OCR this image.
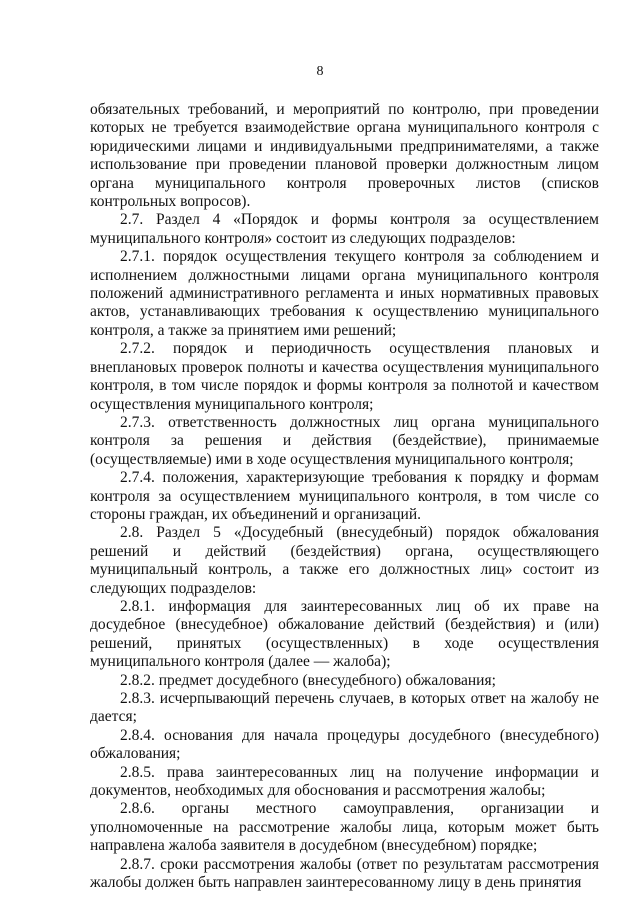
8

обязательных требований, и мероприятий по контролю, при проведении которых не требуется взаимодействие органа муниципального контроля с юридическими лицами и индивидуальными предпринимателями, а также использование при проведении плановой проверки должностным лицом органа муниципального контроля проверочных листов (списков контрольных вопросов).

2.7. Раздел 4 «Порядок и формы контроля за осуществлением муниципального контроля» состоит из следующих подразделов:

2.7.1. порядок осуществления текущего контроля за соблюдением и исполнением должностными лицами органа муниципального контроля положений административного регламента и иных нормативных правовых актов, устанавливающих требования к осуществлению муниципального контроля, а также за принятием ими решений;

2.7.2. порядок и периодичность осуществления плановых и внеплановых проверок полноты и качества осуществления муниципального контроля, в том числе порядок и формы контроля за полнотой и качеством осуществления муниципального контроля;

2.7.3. ответственность должностных лиц органа муниципального контроля за решения и действия (бездействие), принимаемые (осуществляемые) ими в ходе осуществления муниципального контроля;

2.7.4. положения, характеризующие требования к порядку и формам контроля за осуществлением муниципального контроля, в том числе со стороны граждан, их объединений и организаций.

2.8. Раздел 5 «Досудебный (внесудебный) порядок обжалования решений и действий (бездействия) органа, осуществляющего муниципальный контроль, а также его должностных лиц» состоит из следующих подразделов:

2.8.1. информация для заинтересованных лиц об их праве на досудебное (внесудебное) обжалование действий (бездействия) и (или) решений, принятых (осуществленных) в ходе осуществления муниципального контроля (далее — жалоба);

2.8.2. предмет досудебного (внесудебного) обжалования;

2.8.3. исчерпывающий перечень случаев, в которых ответ на жалобу не дается;

2.8.4. основания для начала процедуры досудебного (внесудебного) обжалования;

2.8.5. права заинтересованных лиц на получение информации и документов, необходимых для обоснования и рассмотрения жалобы;

2.8.6. органы местного самоуправления, организации и уполномоченные на рассмотрение жалобы лица, которым может быть направлена жалоба заявителя в досудебном (внесудебном) порядке;

2.8.7. сроки рассмотрения жалобы (ответ по результатам рассмотрения жалобы должен быть направлен заинтересованному лицу в день принятия
